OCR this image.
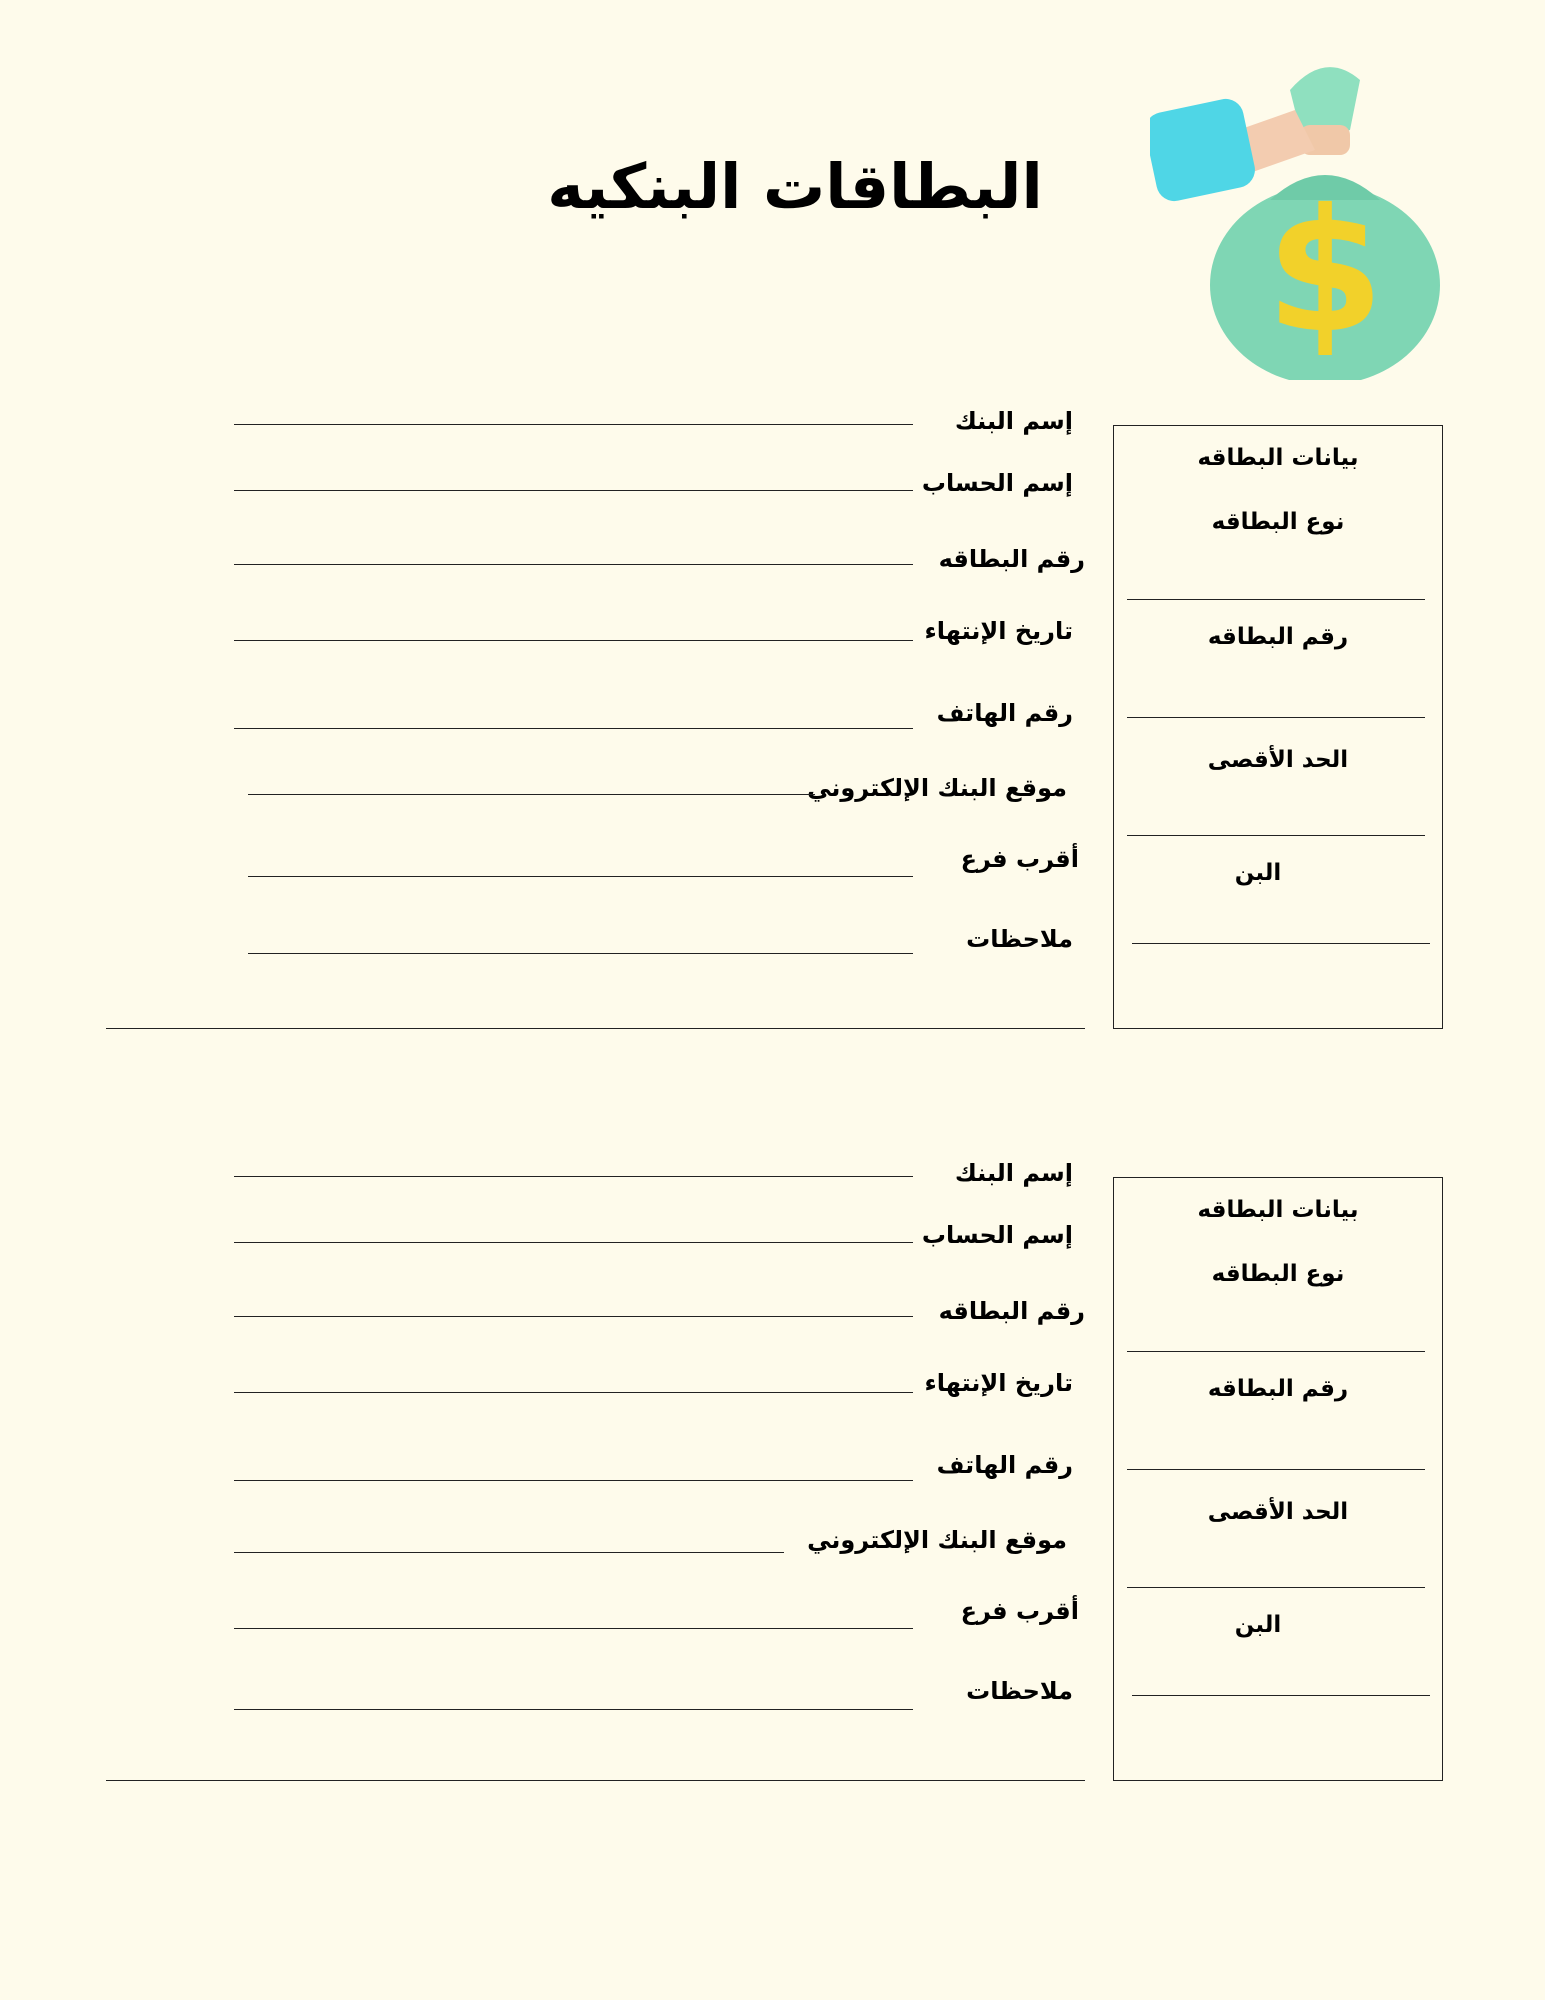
البطاقات البنكيه $
إسم البنك
إسم الحساب
رقم البطاقه
تاريخ الإنتهاء
رقم الهاتف
موقع البنك الإلكتروني
أقرب فرع
ملاحظات
بيانات البطاقه
نوع البطاقه
رقم البطاقه
الحد الأقصى
البن
إسم البنك
إسم الحساب
رقم البطاقه
تاريخ الإنتهاء
رقم الهاتف
موقع البنك الإلكتروني
أقرب فرع
ملاحظات
بيانات البطاقه
نوع البطاقه
رقم البطاقه
الحد الأقصى
البن
